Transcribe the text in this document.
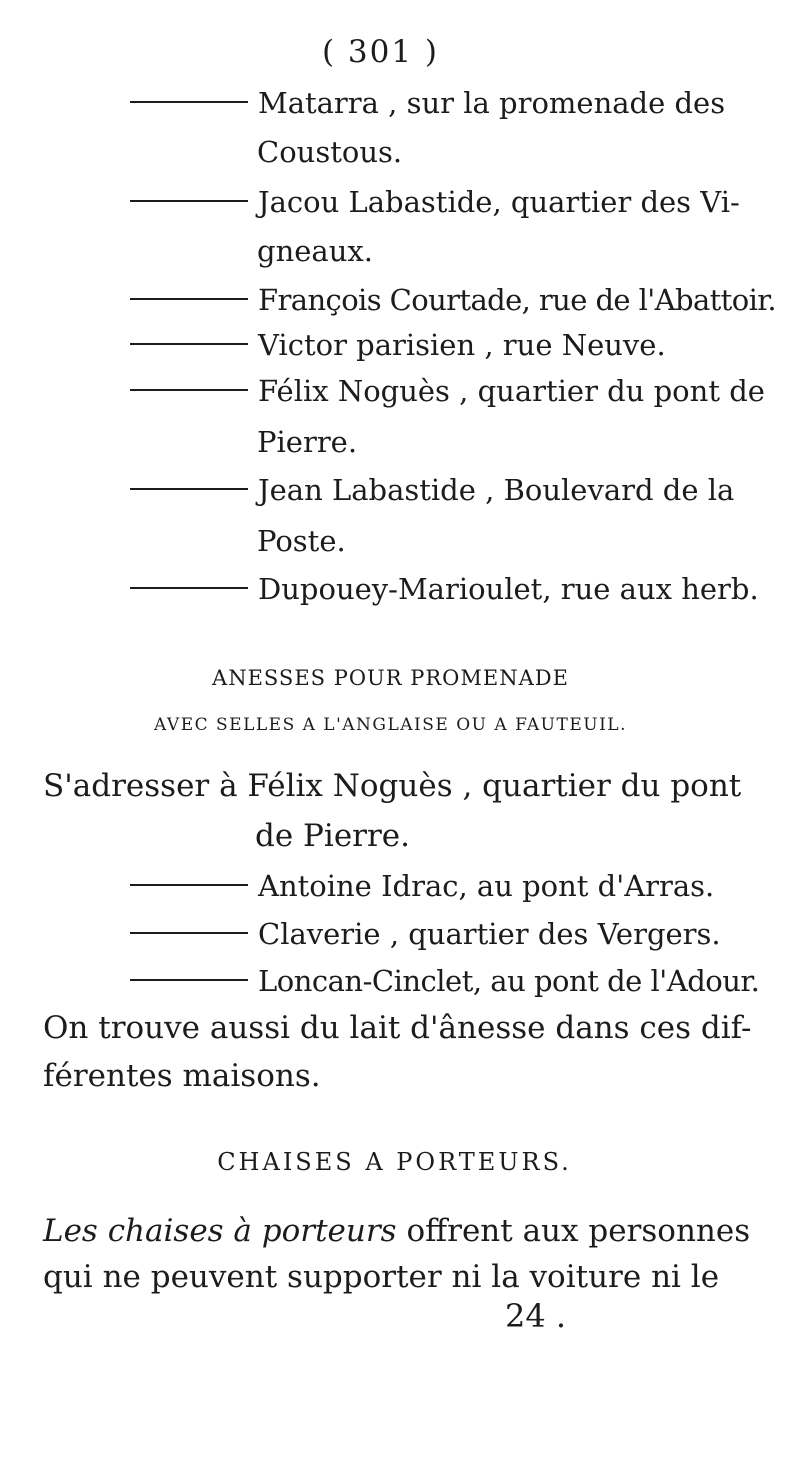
( 301 )
Matarra , sur la promenade des
Coustous.
Jacou Labastide, quartier des Vi-
gneaux.
François Courtade, rue de l'Abattoir.
Victor parisien , rue Neuve.
Félix Noguès , quartier du pont de
Pierre.
Jean Labastide , Boulevard de la
Poste.
Dupouey-Marioulet, rue aux herb.
ANESSES POUR PROMENADE
AVEC SELLES A L'ANGLAISE OU A FAUTEUIL.
S'adresser à Félix Noguès , quartier du pont
de Pierre.
Antoine Idrac, au pont d'Arras.
Claverie , quartier des Vergers.
Loncan-Cinclet, au pont de l'Adour.
On trouve aussi du lait d'ânesse dans ces dif-
férentes maisons.
CHAISES A PORTEURS.
Les chaises à porteurs offrent aux personnes
qui ne peuvent supporter ni la voiture ni le
24 .
